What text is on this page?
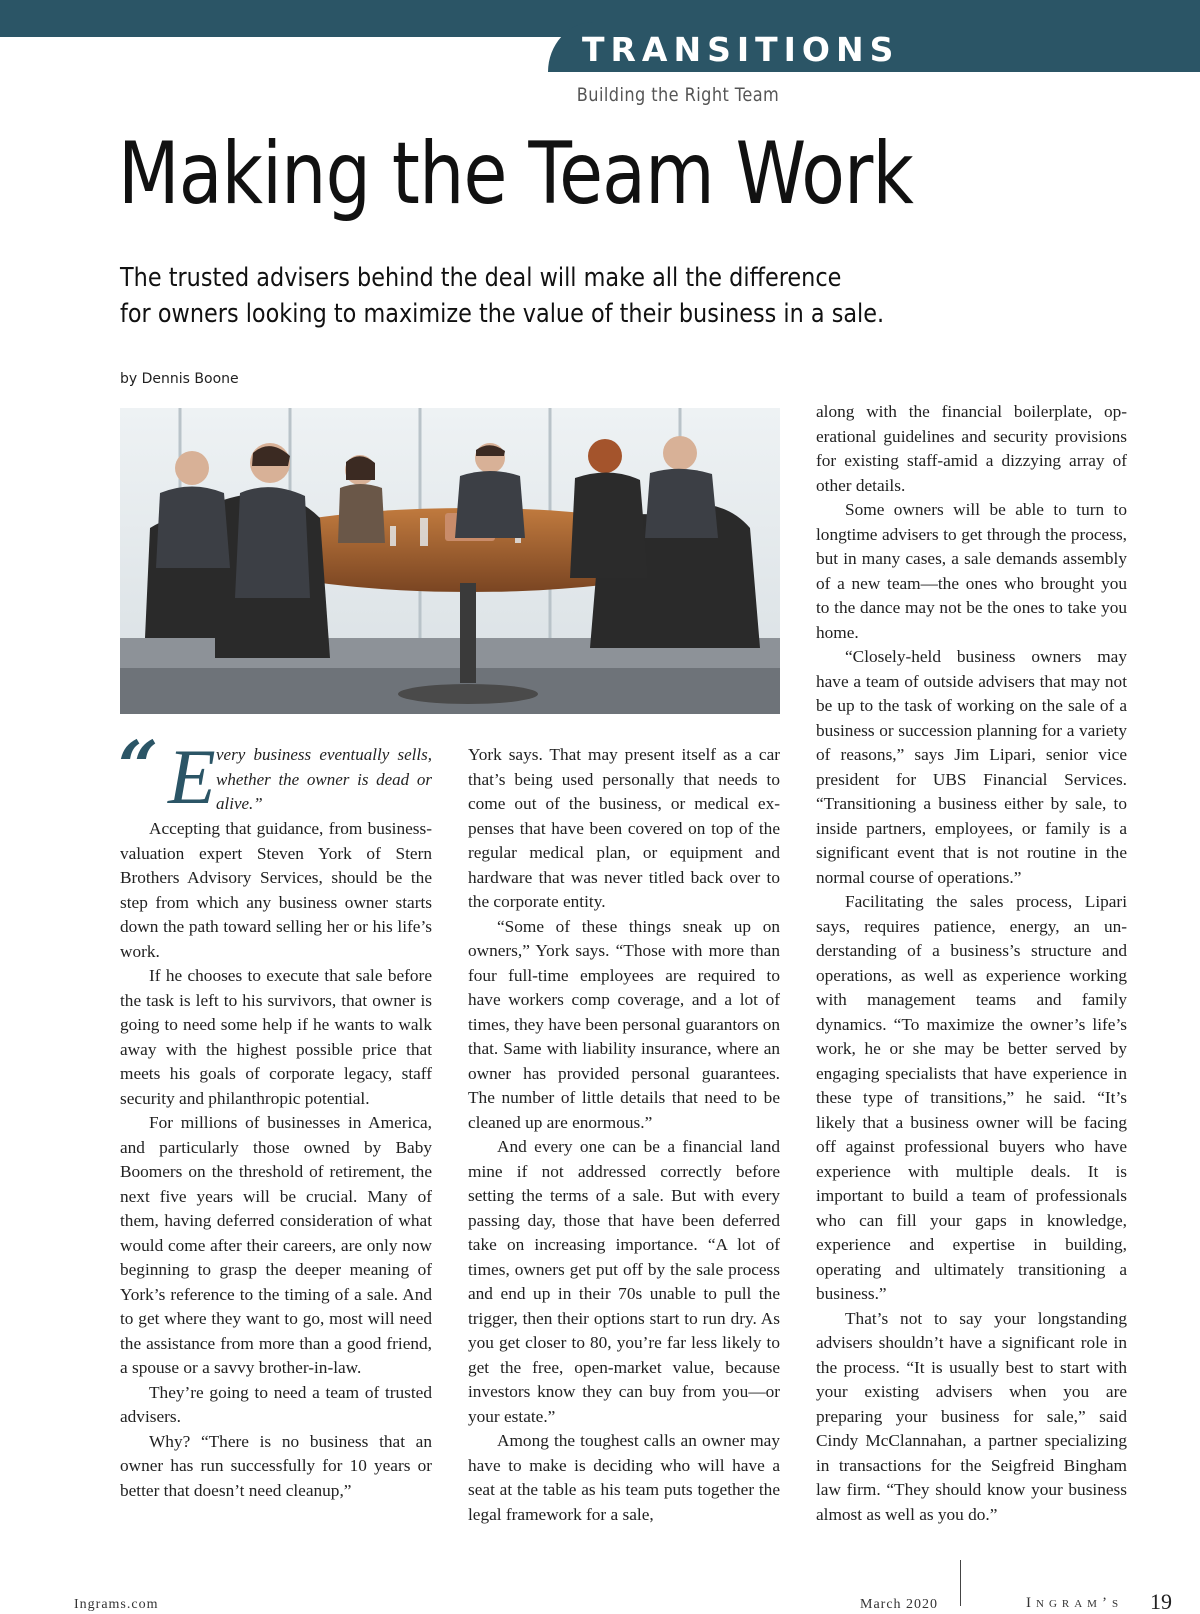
TRANSITIONS
Building the Right Team
Making the Team Work
The trusted advisers behind the deal will make all the difference
for owners looking to maximize the value of their business in a sale.
by Dennis Boone
“ E very business eventually sells, whether the owner is dead or alive.”

Accepting that guidance, from business-valuation expert Steven York of Stern Brothers Advisory Services, should be the step from which any business owner starts down the path toward selling her or his life’s work.

If he chooses to execute that sale before the task is left to his survivors, that owner is going to need some help if he wants to walk away with the highest possible price that meets his goals of corporate legacy, staff security and philanthropic potential.

For millions of businesses in America, and particularly those owned by Baby Boomers on the threshold of retirement, the next five years will be crucial. Many of them, having deferred consideration of what would come after their careers, are only now beginning to grasp the deeper meaning of York’s reference to the timing of a sale. And to get where they want to go, most will need the assistance from more than a good friend, a spouse or a savvy brother-in-law.

They’re going to need a team of trusted advisers.

Why? “There is no business that an owner has run successfully for 10 years or better that doesn’t need cleanup,”

York says. That may present itself as a car that’s being used personally that needs to come out of the business, or medical expenses that have been covered on top of the regular medical plan, or equipment and hardware that was never titled back over to the corporate entity.

“Some of these things sneak up on owners,” York says. “Those with more than four full-time employees are required to have workers comp coverage, and a lot of times, they have been personal guarantors on that. Same with liability insurance, where an owner has provided personal guarantees. The number of little details that need to be cleaned up are enormous.”

And every one can be a financial land mine if not addressed correctly before setting the terms of a sale. But with every passing day, those that have been deferred take on increasing importance. “A lot of times, owners get put off by the sale process and end up in their 70s unable to pull the trigger, then their options start to run dry. As you get closer to 80, you’re far less likely to get the free, open-market value, because investors know they can buy from you—or your estate.”

Among the toughest calls an owner may have to make is deciding who will have a seat at the table as his team puts together the legal framework for a sale,

along with the financial boilerplate, operational guidelines and security provisions for existing staff-amid a dizzying array of other details.

Some owners will be able to turn to longtime advisers to get through the process, but in many cases, a sale demands assembly of a new team—the ones who brought you to the dance may not be the ones to take you home.

“Closely-held business owners may have a team of outside advisers that may not be up to the task of working on the sale of a business or succession planning for a variety of reasons,” says Jim Lipari, senior vice president for UBS Financial Services. “Transitioning a business either by sale, to inside partners, employees, or family is a significant event that is not routine in the normal course of operations.”

Facilitating the sales process, Lipari says, requires patience, energy, an understanding of a business’s structure and operations, as well as experience working with management teams and family dynamics. “To maximize the owner’s life’s work, he or she may be better served by engaging specialists that have experience in these type of transitions,” he said. “It’s likely that a business owner will be facing off against professional buyers who have experience with multiple deals. It is important to build a team of professionals who can fill your gaps in knowledge, experience and expertise in building, operating and ultimately transitioning a business.”

That’s not to say your longstanding advisers shouldn’t have a significant role in the process. “It is usually best to start with your existing advisers when you are preparing your business for sale,” said Cindy McClannahan, a partner specializing in transactions for the Seigfreid Bingham law firm. “They should know your business almost as well as you do.”

Ingrams.com	March 2020	Ingram’s 19
